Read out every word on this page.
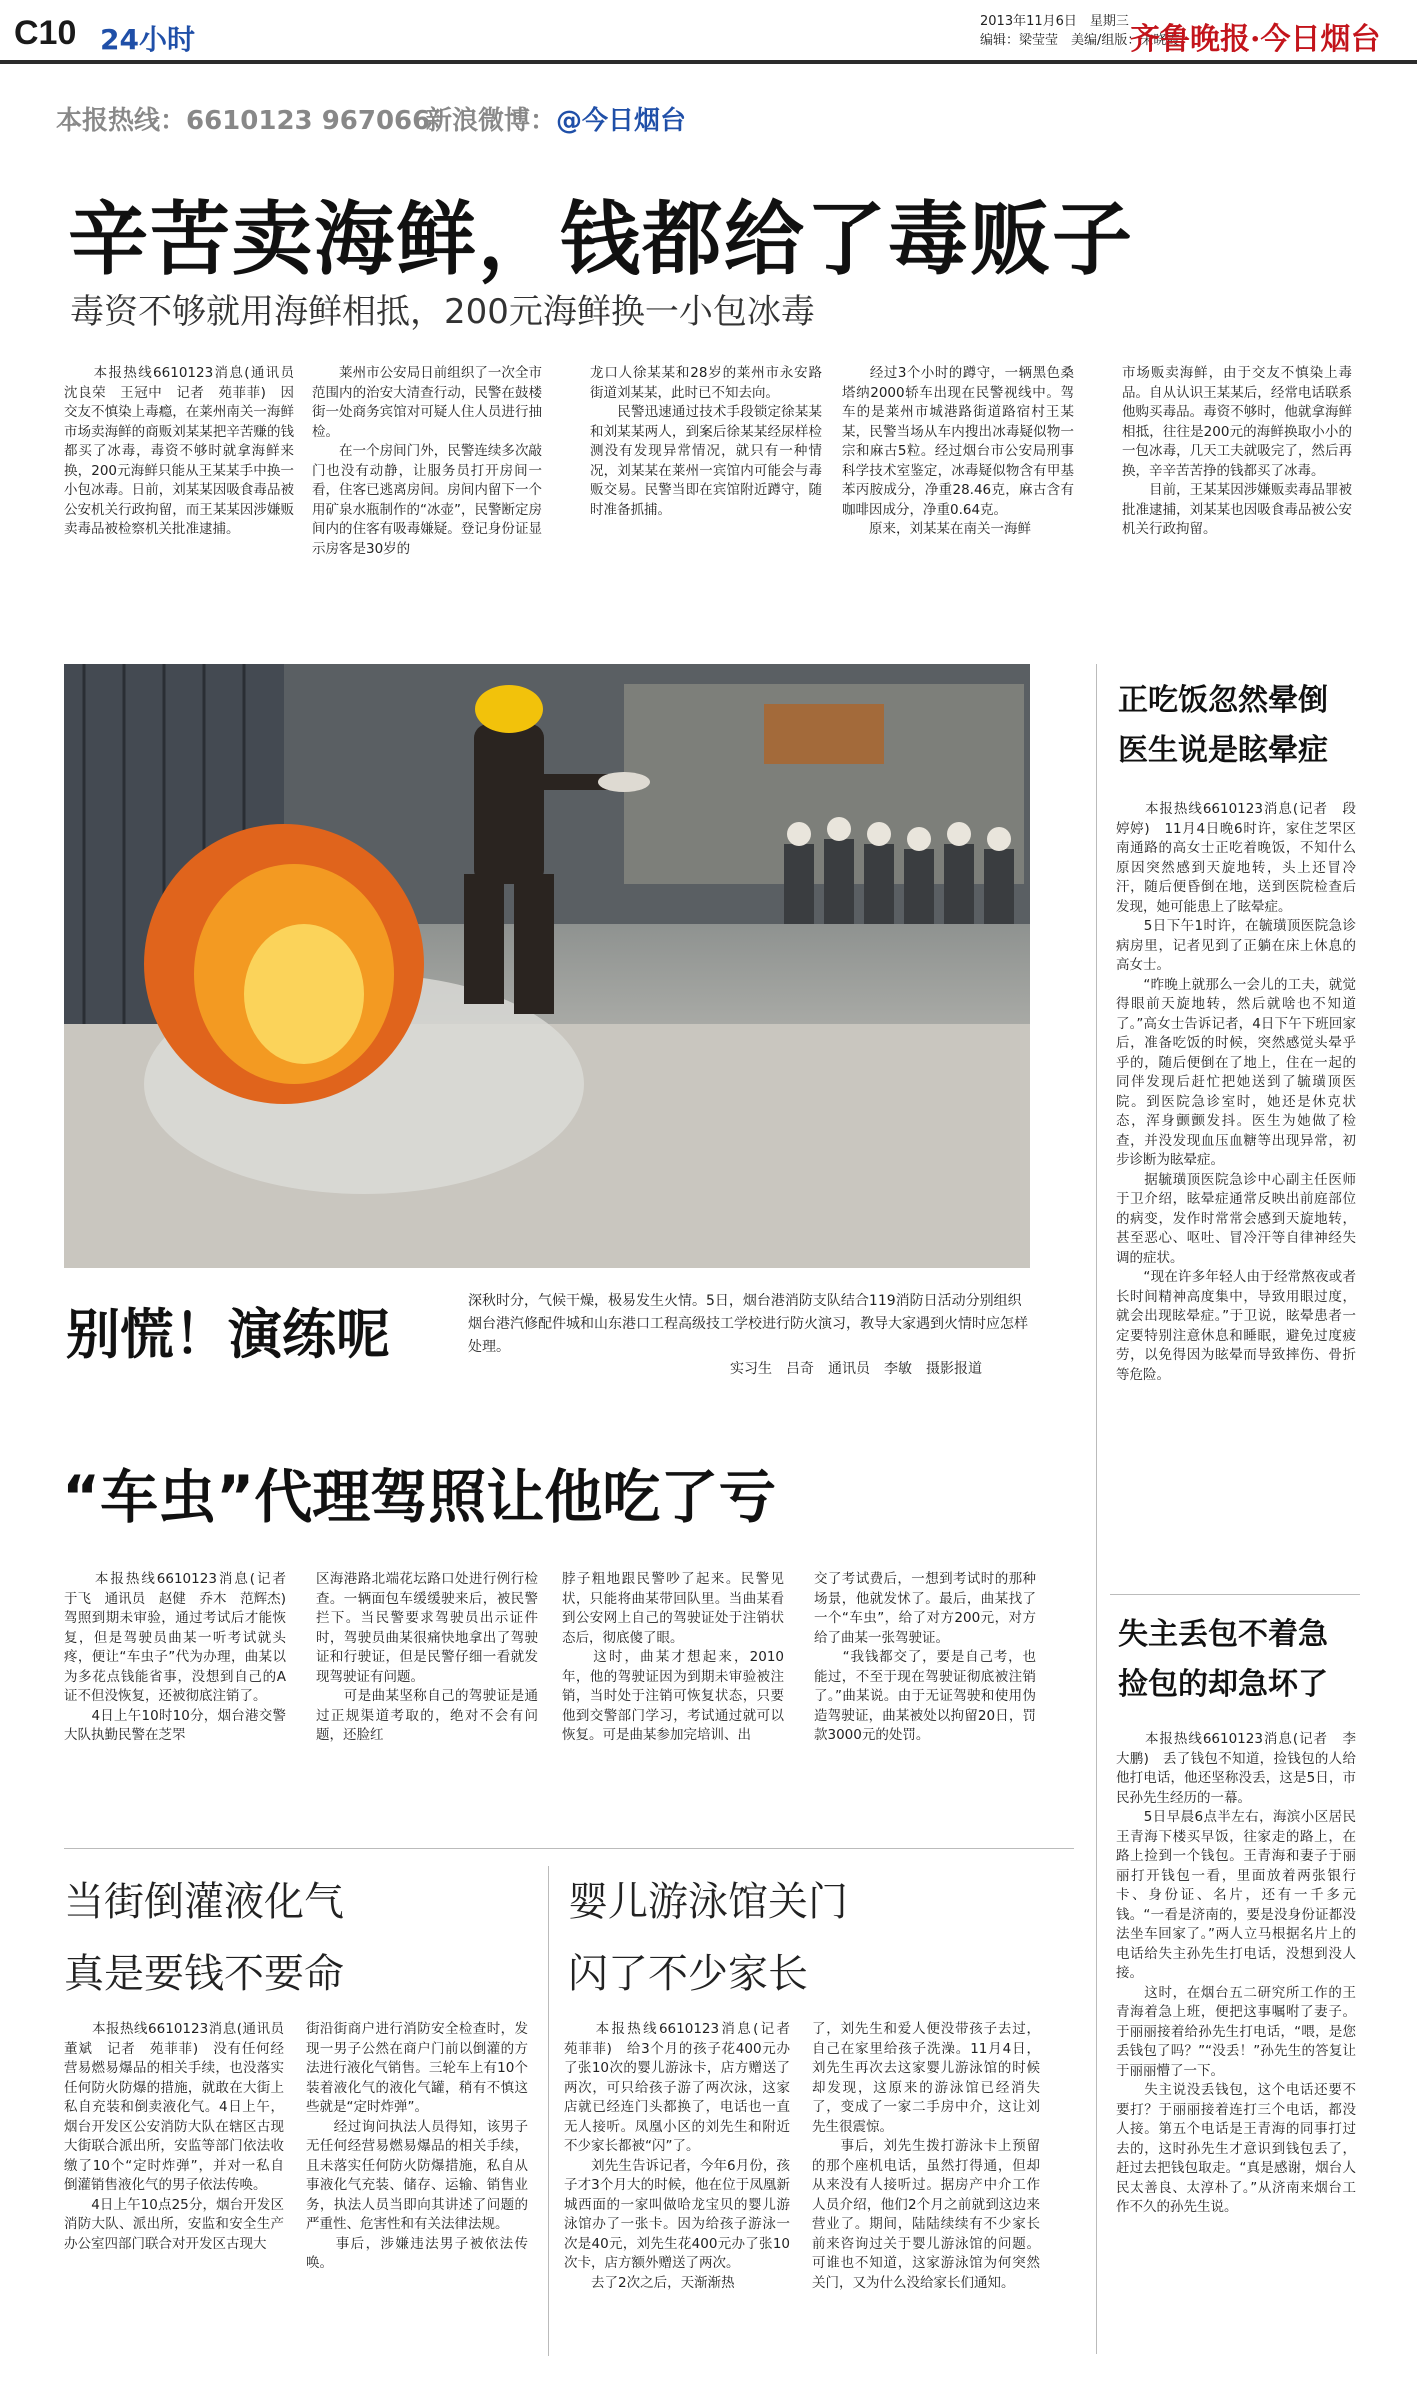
C10 24小时
2013年11月6日　星期三
编辑：梁莹莹　美编/组版：宋晓霞
齐鲁晚报·今日烟台
本报热线：6610123 967066
新浪微博：@今日烟台
辛苦卖海鲜，钱都给了毒贩子
毒资不够就用海鲜相抵，200元海鲜换一小包冰毒
　　本报热线6610123消息(通讯员　沈良荣　王冠中　记者　苑菲菲)　因交友不慎染上毒瘾，在莱州南关一海鲜市场卖海鲜的商贩刘某某把辛苦赚的钱都买了冰毒，毒资不够时就拿海鲜来换，200元海鲜只能从王某某手中换一小包冰毒。日前，刘某某因吸食毒品被公安机关行政拘留，而王某某因涉嫌贩卖毒品被检察机关批准逮捕。
　　莱州市公安局日前组织了一次全市范围内的治安大清查行动，民警在鼓楼街一处商务宾馆对可疑人住人员进行抽检。
　　在一个房间门外，民警连续多次敲门也没有动静，让服务员打开房间一看，住客已逃离房间。房间内留下一个用矿泉水瓶制作的“冰壶”，民警断定房间内的住客有吸毒嫌疑。登记身份证显示房客是30岁的
龙口人徐某某和28岁的莱州市永安路街道刘某某，此时已不知去向。
　　民警迅速通过技术手段锁定徐某某和刘某某两人，到案后徐某某经尿样检测没有发现异常情况，就只有一种情况，刘某某在莱州一宾馆内可能会与毒贩交易。民警当即在宾馆附近蹲守，随时准备抓捕。
　　经过3个小时的蹲守，一辆黑色桑塔纳2000轿车出现在民警视线中。驾车的是莱州市城港路街道路宿村王某某，民警当场从车内搜出冰毒疑似物一宗和麻古5粒。经过烟台市公安局刑事科学技术室鉴定，冰毒疑似物含有甲基苯丙胺成分，净重28.46克，麻古含有咖啡因成分，净重0.64克。
　　原来，刘某某在南关一海鲜
市场贩卖海鲜，由于交友不慎染上毒品。自从认识王某某后，经常电话联系他购买毒品。毒资不够时，他就拿海鲜相抵，往往是200元的海鲜换取小小的一包冰毒，几天工夫就吸完了，然后再换，辛辛苦苦挣的钱都买了冰毒。
　　目前，王某某因涉嫌贩卖毒品罪被批准逮捕，刘某某也因吸食毒品被公安机关行政拘留。
别慌！演练呢
深秋时分，气候干燥，极易发生火情。5日，烟台港消防支队结合119消防日活动分别组织烟台港汽修配件城和山东港口工程高级技工学校进行防火演习，教导大家遇到火情时应怎样处理。
实习生　吕奇　通讯员　李敏　摄影报道
正吃饭忽然晕倒
医生说是眩晕症
　　本报热线6610123消息(记者　段婷婷)　11月4日晚6时许，家住芝罘区南通路的高女士正吃着晚饭，不知什么原因突然感到天旋地转，头上还冒冷汗，随后便昏倒在地，送到医院检查后发现，她可能患上了眩晕症。
　　5日下午1时许，在毓璜顶医院急诊病房里，记者见到了正躺在床上休息的高女士。
　　“昨晚上就那么一会儿的工夫，就觉得眼前天旋地转，然后就啥也不知道了。”高女士告诉记者，4日下午下班回家后，准备吃饭的时候，突然感觉头晕乎乎的，随后便倒在了地上，住在一起的同伴发现后赶忙把她送到了毓璜顶医院。到医院急诊室时，她还是休克状态，浑身颤颤发抖。医生为她做了检查，并没发现血压血糖等出现异常，初步诊断为眩晕症。
　　据毓璜顶医院急诊中心副主任医师于卫介绍，眩晕症通常反映出前庭部位的病变，发作时常常会感到天旋地转，甚至恶心、呕吐、冒冷汗等自律神经失调的症状。
　　“现在许多年轻人由于经常熬夜或者长时间精神高度集中，导致用眼过度，就会出现眩晕症。”于卫说，眩晕患者一定要特别注意休息和睡眠，避免过度疲劳，以免得因为眩晕而导致摔伤、骨折等危险。
失主丢包不着急
捡包的却急坏了
　　本报热线6610123消息(记者　李大鹏)　丢了钱包不知道，捡钱包的人给他打电话，他还坚称没丢，这是5日，市民孙先生经历的一幕。
　　5日早晨6点半左右，海滨小区居民王青海下楼买早饭，往家走的路上，在路上捡到一个钱包。王青海和妻子于丽丽打开钱包一看，里面放着两张银行卡、身份证、名片，还有一千多元钱。“一看是济南的，要是没身份证都没法坐车回家了。”两人立马根据名片上的电话给失主孙先生打电话，没想到没人接。
　　这时，在烟台五二研究所工作的王青海着急上班，便把这事嘱咐了妻子。于丽丽接着给孙先生打电话，“喂，是您丢钱包了吗？”“没丢！”孙先生的答复让于丽丽懵了一下。
　　失主说没丢钱包，这个电话还要不要打？于丽丽接着连打三个电话，都没人接。第五个电话是王青海的同事打过去的，这时孙先生才意识到钱包丢了，赶过去把钱包取走。“真是感谢，烟台人民太善良、太淳朴了。”从济南来烟台工作不久的孙先生说。
“车虫”代理驾照让他吃了亏
　　本报热线6610123消息(记者　于飞　通讯员　赵健　乔木　范辉杰)　驾照到期未审验，通过考试后才能恢复，但是驾驶员曲某一听考试就头疼，便让“车虫子”代为办理，曲某以为多花点钱能省事，没想到自己的A证不但没恢复，还被彻底注销了。
　　4日上午10时10分，烟台港交警大队执勤民警在芝罘
区海港路北端花坛路口处进行例行检查。一辆面包车缓缓驶来后，被民警拦下。当民警要求驾驶员出示证件时，驾驶员曲某很痛快地拿出了驾驶证和行驶证，但是民警仔细一看就发现驾驶证有问题。
　　可是曲某坚称自己的驾驶证是通过正规渠道考取的，绝对不会有问题，还脸红
脖子粗地跟民警吵了起来。民警见状，只能将曲某带回队里。当曲某看到公安网上自己的驾驶证处于注销状态后，彻底傻了眼。
　　这时，曲某才想起来，2010年，他的驾驶证因为到期未审验被注销，当时处于注销可恢复状态，只要他到交警部门学习，考试通过就可以恢复。可是曲某参加完培训、出
交了考试费后，一想到考试时的那种场景，他就发怵了。最后，曲某找了一个“车虫”，给了对方200元，对方给了曲某一张驾驶证。
　　“我钱都交了，要是自己考，也能过，不至于现在驾驶证彻底被注销了。”曲某说。由于无证驾驶和使用伪造驾驶证，曲某被处以拘留20日，罚款3000元的处罚。
当街倒灌液化气
真是要钱不要命
　　本报热线6610123消息(通讯员　董斌　记者　苑菲菲)　没有任何经营易燃易爆品的相关手续，也没落实任何防火防爆的措施，就敢在大街上私自充装和倒卖液化气。4日上午，烟台开发区公安消防大队在辖区古现大街联合派出所，安监等部门依法收缴了10个“定时炸弹”，并对一私自倒灌销售液化气的男子依法传唤。
　　4日上午10点25分，烟台开发区消防大队、派出所，安监和安全生产办公室四部门联合对开发区古现大
街沿街商户进行消防安全检查时，发现一男子公然在商户门前以倒灌的方法进行液化气销售。三轮车上有10个装着液化气的液化气罐，稍有不慎这些就是“定时炸弹”。
　　经过询问执法人员得知，该男子无任何经营易燃易爆品的相关手续，且未落实任何防火防爆措施，私自从事液化气充装、储存、运输、销售业务，执法人员当即向其讲述了问题的严重性、危害性和有关法律法规。
　　事后，涉嫌违法男子被依法传唤。
婴儿游泳馆关门
闪了不少家长
　　本报热线6610123消息(记者　苑菲菲)　给3个月的孩子花400元办了张10次的婴儿游泳卡，店方赠送了两次，可只给孩子游了两次泳，这家店就已经连门头都换了，电话也一直无人接听。凤凰小区的刘先生和附近不少家长都被“闪”了。
　　刘先生告诉记者，今年6月份，孩子才3个月大的时候，他在位于凤凰新城西面的一家叫做哈龙宝贝的婴儿游泳馆办了一张卡。因为给孩子游泳一次是40元，刘先生花400元办了张10次卡，店方额外赠送了两次。
　　去了2次之后，天渐渐热
了，刘先生和爱人便没带孩子去过，自己在家里给孩子洗澡。11月4日，刘先生再次去这家婴儿游泳馆的时候却发现，这原来的游泳馆已经消失了，变成了一家二手房中介，这让刘先生很震惊。
　　事后，刘先生拨打游泳卡上预留的那个座机电话，虽然打得通，但却从来没有人接听过。据房产中介工作人员介绍，他们2个月之前就到这边来营业了。期间，陆陆续续有不少家长前来咨询过关于婴儿游泳馆的问题。可谁也不知道，这家游泳馆为何突然关门，又为什么没给家长们通知。
